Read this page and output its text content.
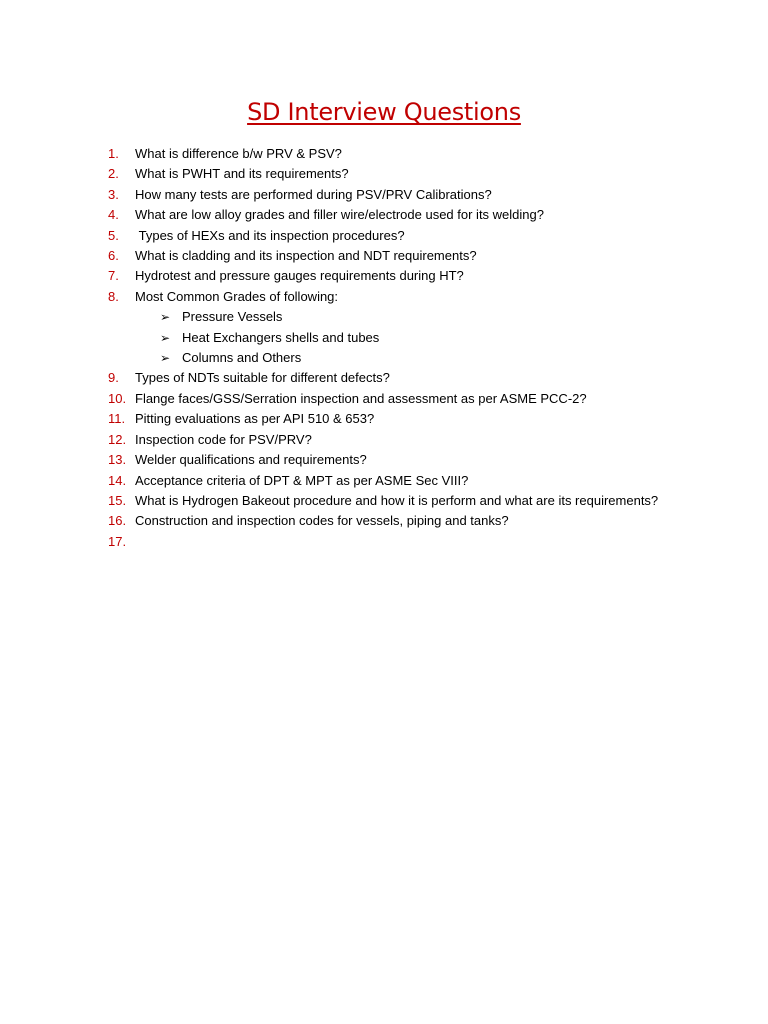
SD Interview Questions
1.	What is difference b/w PRV & PSV?
2.	What is PWHT and its requirements?
3.	How many tests are performed during PSV/PRV Calibrations?
4.	What are low alloy grades and filler wire/electrode used for its welding?
5.	Types of HEXs and its inspection procedures?
6.	What is cladding and its inspection and NDT requirements?
7.	Hydrotest and pressure gauges requirements during HT?
8.	Most Common Grades of following:
➢ Pressure Vessels
➢ Heat Exchangers shells and tubes
➢ Columns and Others
9.	Types of NDTs suitable for different defects?
10. Flange faces/GSS/Serration inspection and assessment as per ASME PCC-2?
11. Pitting evaluations as per API 510 & 653?
12. Inspection code for PSV/PRV?
13. Welder qualifications and requirements?
14. Acceptance criteria of DPT & MPT as per ASME Sec VIII?
15. What is Hydrogen Bakeout procedure and how it is perform and what are its requirements?
16. Construction and inspection codes for vessels, piping and tanks?
17.
